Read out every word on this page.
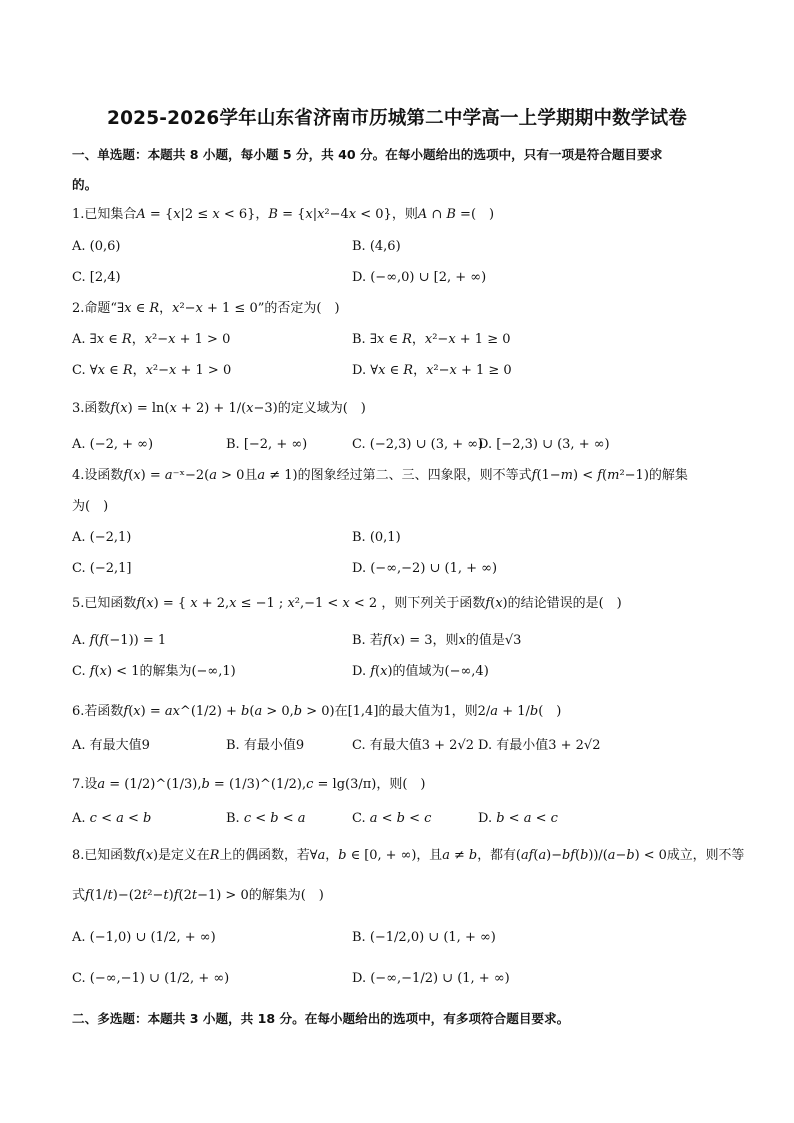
2025-2026学年山东省济南市历城第二中学高一上学期期中数学试卷
一、单选题：本题共 8 小题，每小题 5 分，共 40 分。在每小题给出的选项中，只有一项是符合题目要求
的。
1.已知集合𝐴 = {𝑥|2 ≤ 𝑥 < 6}，𝐵 = {𝑥|𝑥²−4𝑥 < 0}，则𝐴 ∩ 𝐵 =(　)
A. (0,6)	B. (4,6)
C. [2,4)	D. (−∞,0) ∪ [2, + ∞)
2.命题“∃𝑥 ∈ 𝑅，𝑥²−𝑥 + 1 ≤ 0”的否定为(　)
A. ∃𝑥 ∈ 𝑅，𝑥²−𝑥 + 1 > 0	B. ∃𝑥 ∈ 𝑅，𝑥²−𝑥 + 1 ≥ 0
C. ∀𝑥 ∈ 𝑅，𝑥²−𝑥 + 1 > 0	D. ∀𝑥 ∈ 𝑅，𝑥²−𝑥 + 1 ≥ 0
3.函数𝑓(𝑥) = ln(𝑥 + 2) + 1/(𝑥−3)的定义域为(　)
A. (−2, + ∞)	B. [−2, + ∞)	C. (−2,3) ∪ (3, + ∞)
D. [−2,3) ∪ (3, + ∞)
4.设函数𝑓(𝑥) = 𝑎⁻ˣ−2(𝑎 > 0且𝑎 ≠ 1)的图象经过第二、三、四象限，则不等式𝑓(1−𝑚) < 𝑓(𝑚²−1)的解集
为(　)
A. (−2,1)	B. (0,1)
C. (−2,1]	D. (−∞,−2) ∪ (1, + ∞)
5.已知函数𝑓(𝑥) = { 𝑥 + 2,𝑥 ≤ −1 ; 𝑥²,−1 < 𝑥 < 2 ，则下列关于函数𝑓(𝑥)的结论错误的是(　)
A. 𝑓(𝑓(−1)) = 1	B. 若𝑓(𝑥) = 3，则𝑥的值是√3
C. 𝑓(𝑥) < 1的解集为(−∞,1)	D. 𝑓(𝑥)的值域为(−∞,4)
6.若函数𝑓(𝑥) = 𝑎𝑥^(1/2) + 𝑏(𝑎 > 0,𝑏 > 0)在[1,4]的最大值为1，则2/𝑎 + 1/𝑏(　)
A. 有最大值9	B. 有最小值9	C. 有最大值3 + 2√2 D. 有最小值3 + 2√2
7.设𝑎 = (1/2)^(1/3),𝑏 = (1/3)^(1/2),𝑐 = lg(3/π)，则(　)
A. 𝑐 < 𝑎 < 𝑏	B. 𝑐 < 𝑏 < 𝑎	C. 𝑎 < 𝑏 < 𝑐	D. 𝑏 < 𝑎 < 𝑐
8.已知函数𝑓(𝑥)是定义在𝑅上的偶函数，若∀𝑎，𝑏 ∈ [0, + ∞)，且𝑎 ≠ 𝑏，都有(𝑎𝑓(𝑎)−𝑏𝑓(𝑏))/(𝑎−𝑏) < 0成立，则不等
式𝑓(1/𝑡)−(2𝑡²−𝑡)𝑓(2𝑡−1) > 0的解集为(　)
A. (−1,0) ∪ (1/2, + ∞)	B. (−1/2,0) ∪ (1, + ∞)
C. (−∞,−1) ∪ (1/2, + ∞)	D. (−∞,−1/2) ∪ (1, + ∞)
二、多选题：本题共 3 小题，共 18 分。在每小题给出的选项中，有多项符合题目要求。
